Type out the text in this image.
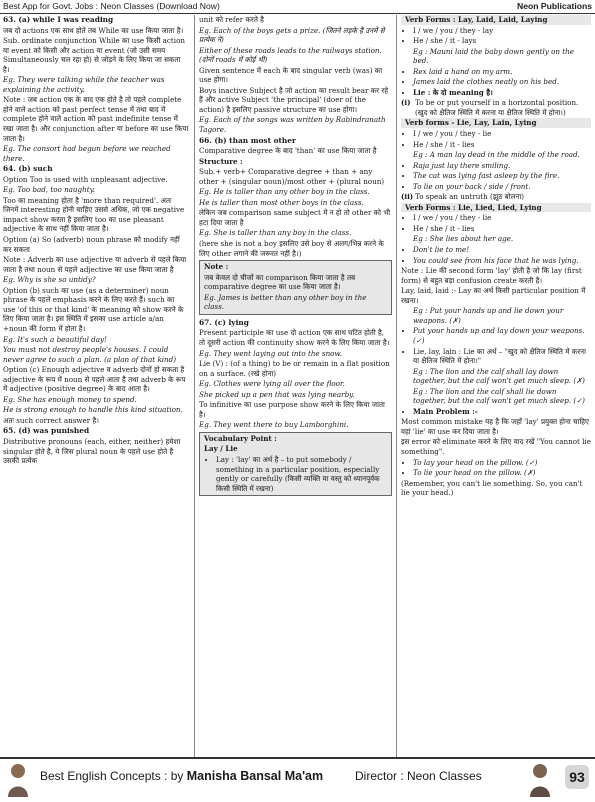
Best App for Govt. Jobs : Neon Classes (Download Now)	Neon Publications

63. (a) while I was reading

जब दो actions एक साथ होते तब While का use किया जाता है।

Sub. ordinate conjunction While का use किसी action या event को किसी और action या event (जो उसी समय Simultaneously चल रहा हो) से जोड़ने के लिए किया जा सकता है।

Eg. They were talking while the teacher was explaining the activity.

Note : जब action एक के बाद एक होते है तो पहले complete होने वाले action को past perfect tense में तथा बाद में complete होने वाले action को past indefinite tense में रखा जाता है। और conjunction after या before का use किया जाता है।

Eg. The consort had begun before we reached there.

64. (b) such

Option Too is used with unpleasant adjective.

Eg. Too bad, too naughty.

Too का meaning होता है 'more than required'. अतः जिनमें interesting होनी चाहिए उससे अधिक, जो एक negative impact show करता है इसलिए too का use pleasant adjective के साथ नहीं किया जाता है।

Option (a) So (adverb) noun phrase को modify नहीं कर सकता

Note : Adverb का use adjective या adverb से पहले किया जाता है तथा noun से पहले adjective का use किया जाता है

Eg. Why is she so untidy?

Option (b) such का use (as a determiner) noun phrase के पहले emphasis करने के लिए करते हैं। such का use 'of this or that kind' के meaning को show करने के लिए किया जाता है। इस स्थिति में इसका use article a/an +noun की form में होता है।

Eg. It's such a beautiful day!

You must not destroy people's houses. I could never agree to such a plan. (a plan of that kind)

Option (c) Enough adjective व adverb दोनों हो सकता है adjective के रूप में noun से पहले आता है तथा adverb के रूप में adjective (positive degree) के बाद आता है।

Eg. She has enough money to spend.

He is strong enough to handle this kind situation.

अतः such correct answer है।

65. (d) was punished

Distributive pronouns (each, either, neither) हमेशा singular होते है, ये जिस plural noun के पहले use होते है उसकी प्रत्येक

unit को refer करते है

Eg. Each of the boys gets a prize. (जितने लड़के हैं उनमें से प्रत्येक ने)

Either of these roads leads to the railways station. (दोनों roads में कोई भी)

Given sentence में each के बाद singular verb (was) का use होगा।

Boys inactive Subject है जो action का result bear कर रहे हैं और active Subject 'the principal' (doer of the action) है इसलिए passive structure का use होगा।

Eg. Each of the songs was written by Rabindranath Tagore.

66. (b) than most other

Comparative degree के बाद 'than' का use किया जाता है

Structure :

Sub.+ verb+ Comparative degree + than + any other + (singular noun)/most other + (plural noun)

Eg. He is taller than any other boy in the class.

He is taller than most other boys in the class.

लेकिन जब comparison same subject में न हो तो other को भी हटा दिया जाता है

Eg. She is taller than any boy in the class.

(here she is not a boy इसलिए उसे boy से अलग/भिन्न करने के लिए other लगाने की जरूरत नहीं है।)

Note :

जब केवल दो चीजों का comparison किया जाता है तब comparative degree का use किया जाता है।

Eg. James is better than any other boy in the class.

67. (c) lying

Present participle का use दो action एक साथ घटित होती है, तो दूसरी action की continuity show करने के लिए किया जाता है।

Eg. They went laying out into the snow.

Lie (V) : (of a thing) to be or remain in a flat position on a surface. (रखे होना)

Eg. Clothes were lying all over the floor.

She picked up a pen that was lying nearby.

To infinitive का use purpose show करने के लिए किया जाता है।

Eg. They went there to buy Lamborghini.

Vocabulary Point :

Lay / Lie

• Lay : 'lay' का अर्थ है – to put somebody / something in a particular position, especially gently or carefully (किसी व्यक्ति या वस्तु को ध्यानपूर्वक किसी स्थिति में रखना)

Verb Forms : Lay, Laid, Laid, Laying

• I / we / you / they - lay
• He / she / it - lays

Eg : Mauni laid the baby down gently on the bed.

• Rex laid a hand on my arm.
• James laid the clothes neatly on his bed.
• Lie : के दो meaning है।
(i) To be or put yourself in a horizontal position. (खुद को क्षैतिज स्थिति में करना या क्षैतिज स्थिति में होना।)

Verb forms - Lie, Lay, Lain, Lying

• I / we / you / they - lie
• He / she / it - lies

Eg : A man lay dead in the middle of the road.

• Raja just lay there smiling.
• The cat was lying fast asleep by the fire.
• To lie on your back / side / front.
(ii) To speak an untruth (झूठ बोलना)

Verb Forms : Lie, Lied, Lied, Lying

• I / we / you / they - lie
• He / she / it - lies

Eg : She lies about her age.

• Don't lie to me!
• You could see from his face that he was lying.

Note : Lie की second form 'lay' होती है जो कि lay (first form) से बहुत बड़ा confusion create करती है।

Lay, laid, laid :- Lay का अर्थ किसी particular position में रखना।

Eg : Put your hands up and lie down your weapons. (✗)

• Put your hands up and lay down your weapons. (✓)
• Lie, lay, lain : Lie का अर्थ – "खुद को क्षैतिज स्थिति में करना या क्षैतिज स्थिति में होना।"

Eg : The lion and the calf shall lay down together, but the calf won't get much sleep. (✗)

Eg : The lion and the calf shall lie down together, but the calf won't get much sleep. (✓)

• Main Problem :-

Most common mistake यह है कि जहाँ 'lay' प्रयुक्त होना चाहिए वहां 'lie' का use कर दिया जाता है।

इस error को eliminate करने के लिए याद रखें "You cannot lie something".

• To lay your head on the pillow. (✓)
• To lie your head on the pillow. (✗)

(Remember, you can't lie something. So, you can't lie your head.)

Best English Concepts : by Manisha Bansal Ma'am	Director : Neon Classes	93
